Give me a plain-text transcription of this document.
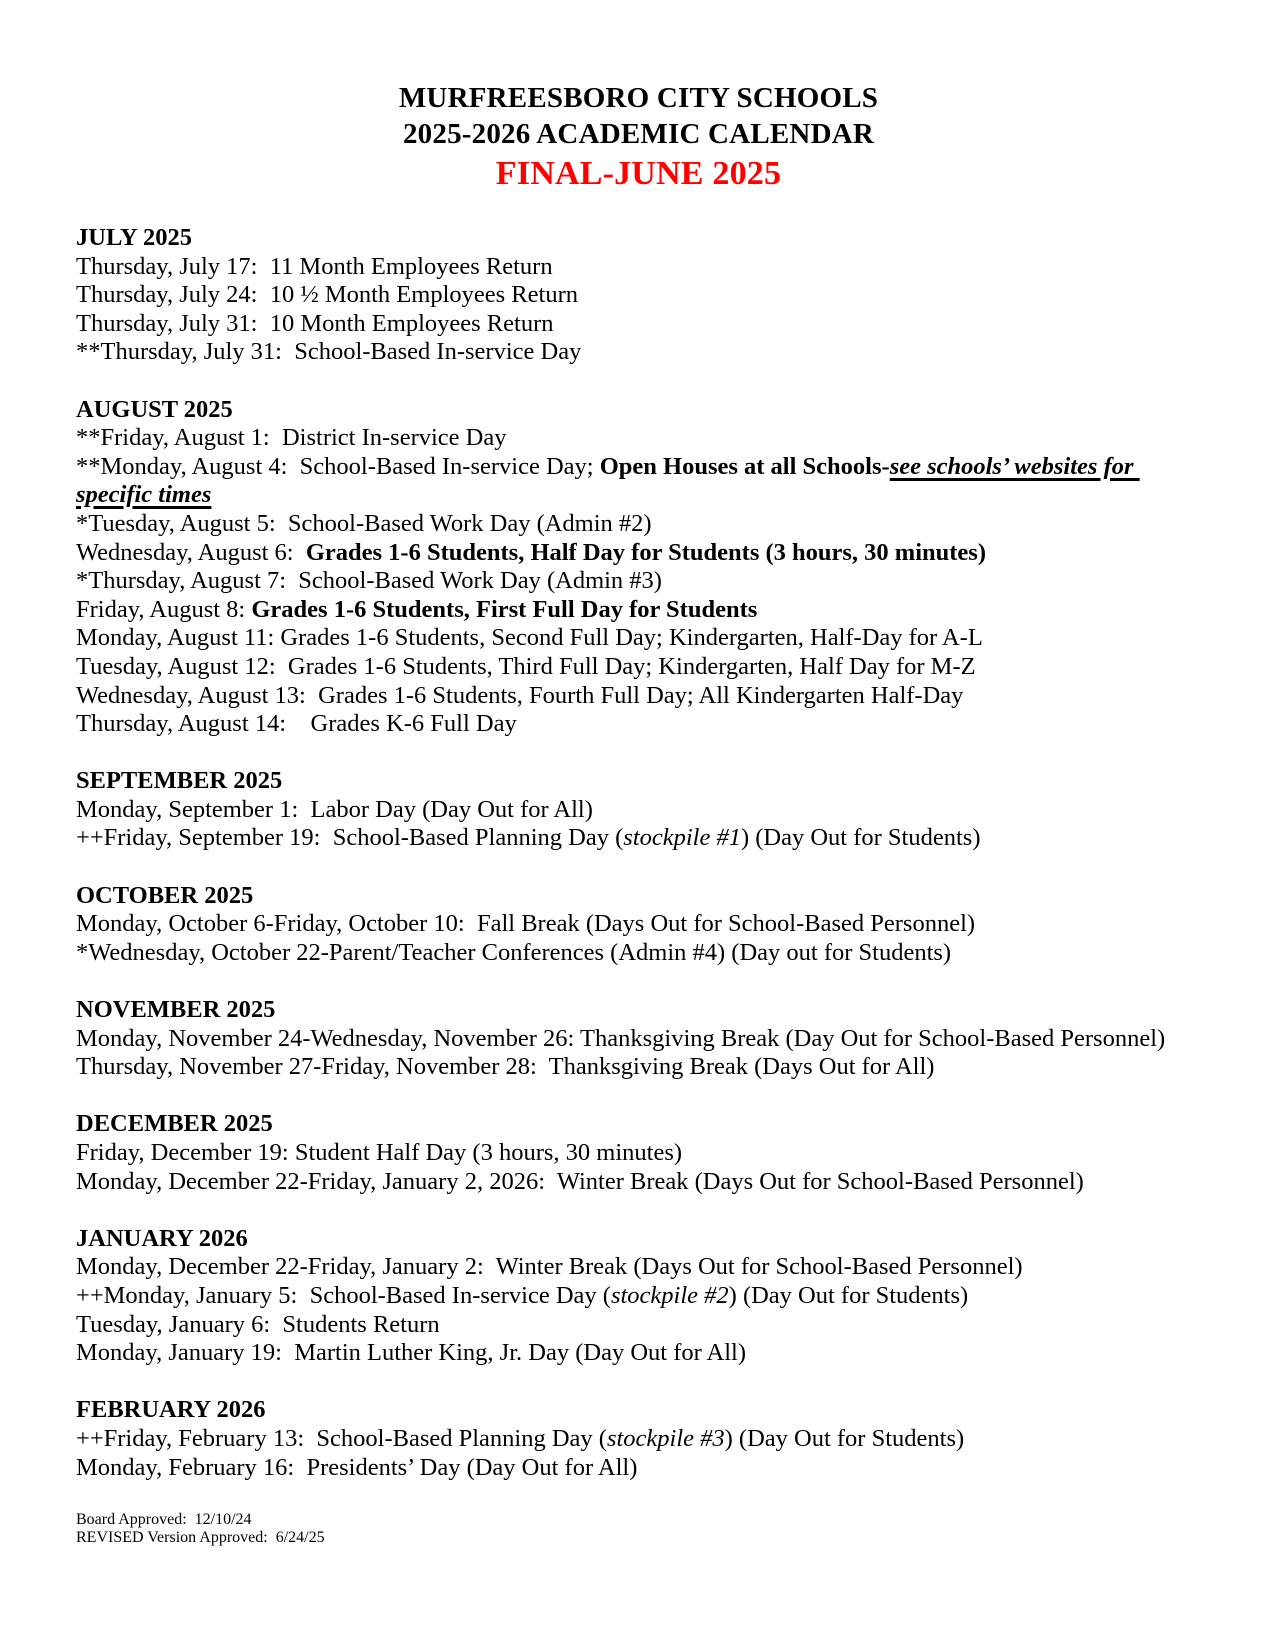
MURFREESBORO CITY SCHOOLS
2025-2026 ACADEMIC CALENDAR
FINAL-JUNE 2025

JULY 2025

Thursday, July 17:  11 Month Employees Return

Thursday, July 24:  10 ½ Month Employees Return

Thursday, July 31:  10 Month Employees Return

**Thursday, July 31:  School-Based In-service Day

AUGUST 2025

**Friday, August 1:  District In-service Day

**Monday, August 4:  School-Based In-service Day; Open Houses at all Schools-see schools’ websites for specific times

*Tuesday, August 5:  School-Based Work Day (Admin #2)

Wednesday, August 6:  Grades 1-6 Students, Half Day for Students (3 hours, 30 minutes)

*Thursday, August 7:  School-Based Work Day (Admin #3)

Friday, August 8: Grades 1-6 Students, First Full Day for Students

Monday, August 11: Grades 1-6 Students, Second Full Day; Kindergarten, Half-Day for A-L

Tuesday, August 12:  Grades 1-6 Students, Third Full Day; Kindergarten, Half Day for M-Z

Wednesday, August 13:  Grades 1-6 Students, Fourth Full Day; All Kindergarten Half-Day

Thursday, August 14:    Grades K-6 Full Day

SEPTEMBER 2025

Monday, September 1:  Labor Day (Day Out for All)

++Friday, September 19:  School-Based Planning Day (stockpile #1) (Day Out for Students)

OCTOBER 2025

Monday, October 6-Friday, October 10:  Fall Break (Days Out for School-Based Personnel)

*Wednesday, October 22-Parent/Teacher Conferences (Admin #4) (Day out for Students)

NOVEMBER 2025

Monday, November 24-Wednesday, November 26: Thanksgiving Break (Day Out for School-Based Personnel)

Thursday, November 27-Friday, November 28:  Thanksgiving Break (Days Out for All)

DECEMBER 2025

Friday, December 19: Student Half Day (3 hours, 30 minutes)

Monday, December 22-Friday, January 2, 2026:  Winter Break (Days Out for School-Based Personnel)

JANUARY 2026

Monday, December 22-Friday, January 2:  Winter Break (Days Out for School-Based Personnel)

++Monday, January 5:  School-Based In-service Day (stockpile #2) (Day Out for Students)

Tuesday, January 6:  Students Return

Monday, January 19:  Martin Luther King, Jr. Day (Day Out for All)

FEBRUARY 2026

++Friday, February 13:  School-Based Planning Day (stockpile #3) (Day Out for Students)

Monday, February 16:  Presidents’ Day (Day Out for All)

Board Approved:  12/10/24

REVISED Version Approved:  6/24/25
